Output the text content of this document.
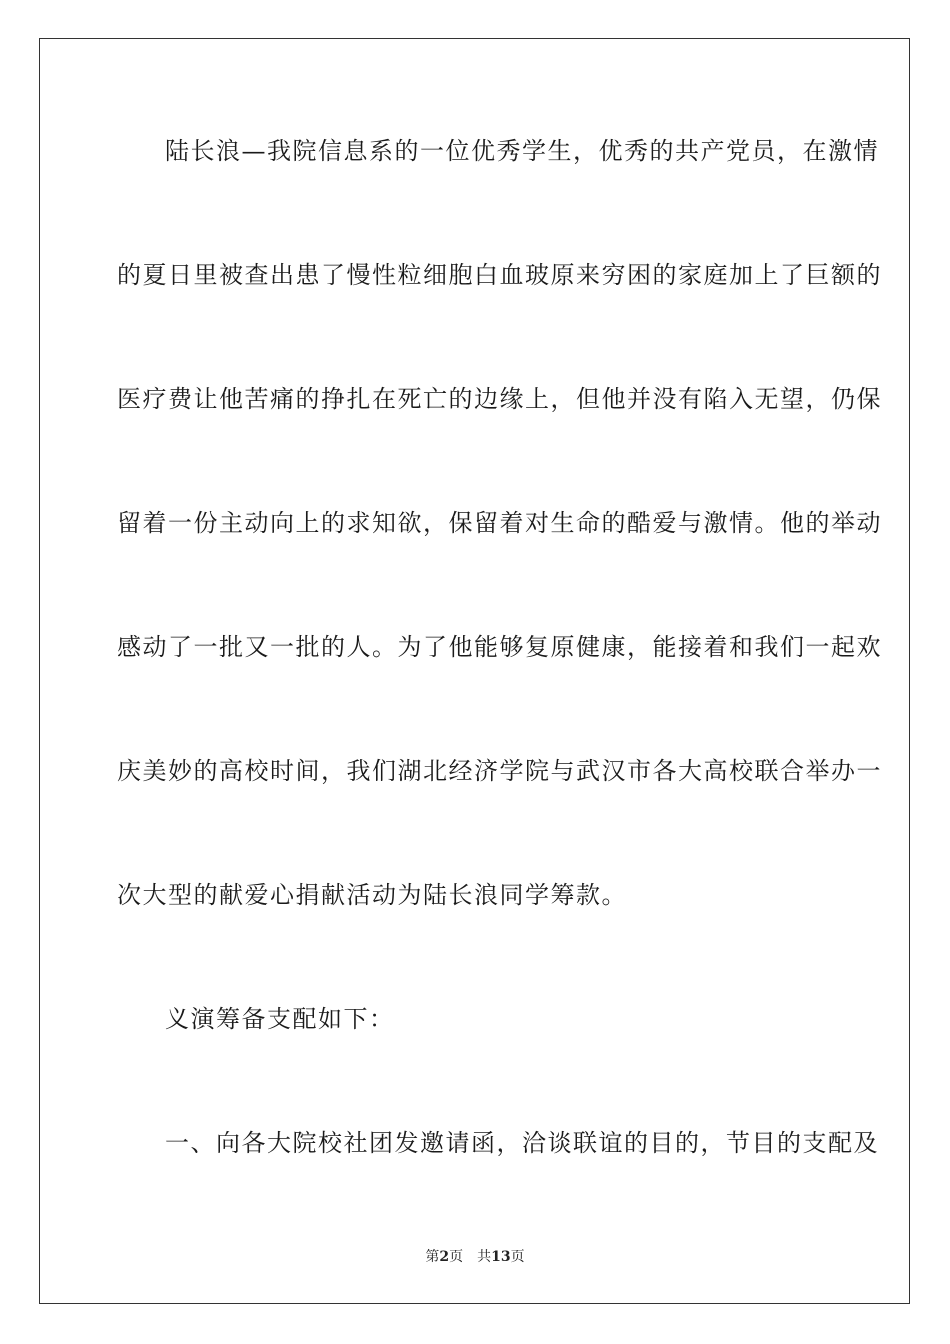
陆长浪—我院信息系的一位优秀学生，优秀的共产党员，在激情
的夏日里被查出患了慢性粒细胞白血玻原来穷困的家庭加上了巨额的
医疗费让他苦痛的挣扎在死亡的边缘上，但他并没有陷入无望，仍保
留着一份主动向上的求知欲，保留着对生命的酷爱与激情。他的举动
感动了一批又一批的人。为了他能够复原健康，能接着和我们一起欢
庆美妙的高校时间，我们湖北经济学院与武汉市各大高校联合举办一
次大型的献爱心捐献活动为陆长浪同学筹款。
义演筹备支配如下：
一、向各大院校社团发邀请函，洽谈联谊的目的，节目的支配及
第2页 共13页
